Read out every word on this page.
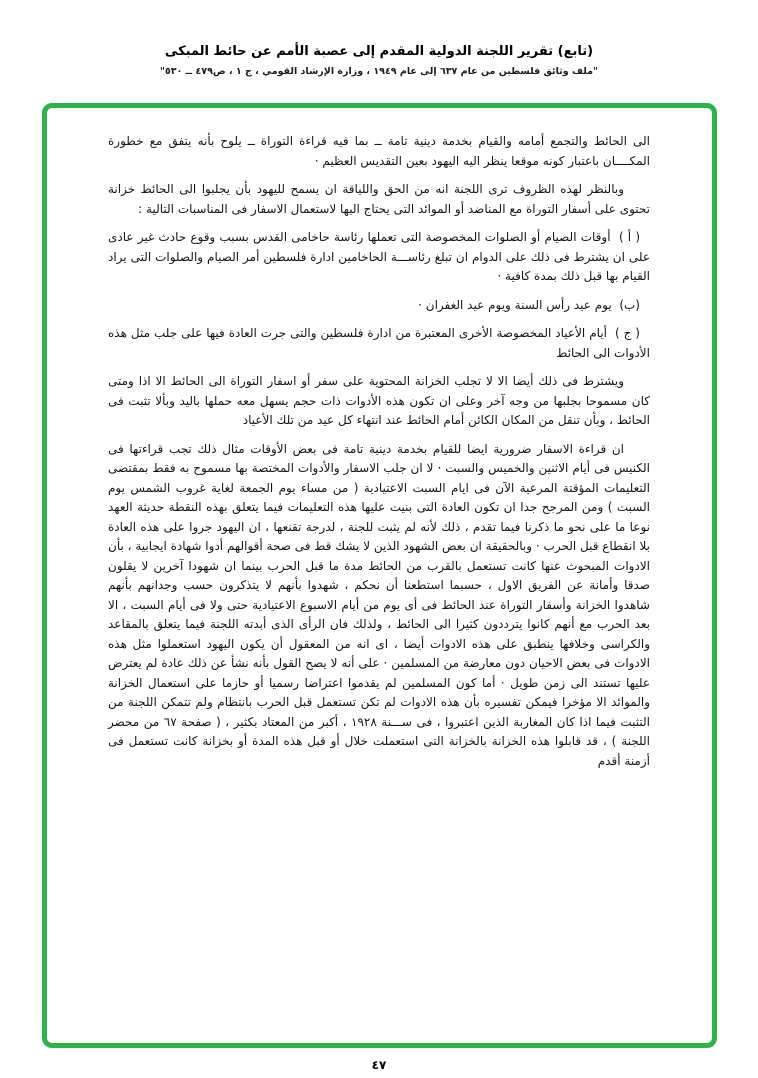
(تابع) تقرير اللجنة الدولية المقدم إلى عصبة الأمم عن حائط المبكى
"ملف وثائق فلسطين من عام ٦٣٧ إلى عام ١٩٤٩ ، وزارة الإرشاد القومي ، ج ١ ، ص٤٧٩ ــ ٥٣٠"

الى الحائط والتجمع أمامه والقيام بخدمة دينية تامة ــ بما فيه قراءة التوراة ــ يلوح بأنه يتفق مع خطورة المكــــان باعتبار كونه موقعا ينظر اليه اليهود بعين التقديس العظيم ·

وبالنظر لهذه الظروف ترى اللجنة انه من الحق واللياقة ان يسمح لليهود بأن يجلبوا الى الحائط خزانة تحتوى على أسفار التوراة مع المناضد أو الموائد التى يحتاج اليها لاستعمال الاسفار فى المناسبات التالية :

( أ )  أوقات الصيام أو الصلوات المخصوصة التى تعملها رئاسة حاخامى القدس بسبب وقوع حادث غير عادى على ان يشترط فى ذلك على الدوام ان تبلغ رئاســـة الحاخامين ادارة فلسطين أمر الصيام والصلوات التى يراد القيام بها قبل ذلك بمدة كافية ·

(ب)  يوم عيد رأس السنة ويوم عيد الغفران ·

( ج )  أيام الأعياد المخصوصة الأخرى المعتبرة من ادارة فلسطين والتى جرت العادة فيها على جلب مثل هذه الأدوات الى الحائط

ويشترط فى ذلك أيضا الا لا تجلب الخزانة المحتوية على سفر أو اسفار التوراة الى الحائط الا اذا ومتى كان مسموحا بجلبها من وجه آخر وعلى ان تكون هذه الأدوات ذات حجم يسهل معه حملها باليد وبألا تثبت فى الحائط ، وبأن تنقل من المكان الكائن أمام الحائط عند انتهاء كل عيد من تلك الأعياد

ان قراءة الاسفار ضرورية ايضا للقيام بخدمة دينية تامة فى بعض الأوقات مثال ذلك تجب قراءتها فى الكنيس فى أيام الاثنين والخميس والسبت · لا ان جلب الاسفار والأدوات المختصة بها مسموح به فقط بمقتضى التعليمات المؤقتة المرعية الآن فى ايام السبت الاعتيادية ( من مساء يوم الجمعة لغاية غروب الشمس يوم السبت ) ومن المرجح جدا ان تكون العادة التى بنيت عليها هذه التعليمات فيما يتعلق بهذه النقطة حديثة العهد نوعا ما على نحو ما ذكرنا فيما تقدم ، ذلك لأنه لم يثبت للجنة ، لدرجة تقنعها ، ان اليهود جروا على هذه العادة بلا انقطاع قبل الحرب · وبالحقيقة ان بعض الشهود الذين لا يشك قط فى صحة أقوالهم أدوا شهادة ايجابية ، بأن الادوات المبحوث عنها كانت تستعمل بالقرب من الحائط مدة ما قبل الحرب بينما ان شهودا آخرين لا يقلون صدقا وأمانة عن الفريق الاول ، حسبما استطعنا أن نحكم ، شهدوا بأنهم لا يتذكرون حسب وجدانهم بأنهم شاهدوا الخزانة وأسفار التوراة عند الحائط فى أى يوم من أيام الاسبوع الاعتيادية حتى ولا فى أيام السبت ، الا بعد الحرب مع أنهم كانوا يترددون كثيرا الى الحائط ، ولذلك فان الرأى الذى أبدته اللجنة فيما يتعلق بالمقاعد والكراسى وخلافها ينطبق على هذه الادوات أيضا ، اى انه من المعقول أن يكون اليهود استعملوا مثل هذه الادوات فى بعض الاحيان دون معارضة من المسلمين · على أنه لا يصح القول بأنه نشأ عن ذلك عادة لم يعترض عليها تستند الى زمن طويل · أما كون المسلمين لم يقدموا اعتراضا رسميا أو حازما على استعمال الخزانة والموائد الا مؤخرا فيمكن تفسيره بأن هذه الادوات لم تكن تستعمل قبل الحرب بانتظام ولم تتمكن اللجنة من التثبت فيما اذا كان المغاربة الذين اعتبروا ، فى ســـنة ١٩٢٨ ، أكبر من المعتاد بكثير ، ( صفحة ٦٧ من محضر اللجنة ) ، قد قابلوا هذه الخزانة بالخزانة التى استعملت خلال أو قبل هذه المدة أو بخزانة كانت تستعمل فى أزمنة أقدم

٤٧
